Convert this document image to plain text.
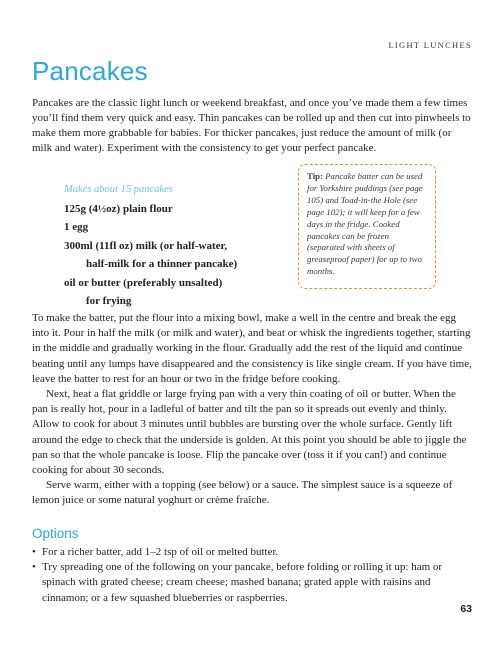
LIGHT LUNCHES
Pancakes

Pancakes are the classic light lunch or weekend breakfast, and once you’ve made them a few times you’ll find them very quick and easy. Thin pancakes can be rolled up and then cut into pinwheels to make them more grabbable for babies. For thicker pancakes, just reduce the amount of milk (or milk and water). Experiment with the consistency to get your perfect pancake.

Makes about 15 pancakes
125g (4½oz) plain flour
1 egg
300ml (11fl oz) milk (or half-water,
half-milk for a thinner pancake)
oil or butter (preferably unsalted)
for frying
Tip: Pancake batter can be used for Yorkshire puddings (see page 105) and Toad-in-the Hole (see page 102); it will keep for a few days in the fridge. Cooked pancakes can be frozen (separated with sheets of greaseproof paper) for up to two months.

To make the batter, put the flour into a mixing bowl, make a well in the centre and break the egg into it. Pour in half the milk (or milk and water), and beat or whisk the ingredients together, starting in the middle and gradually working in the flour. Gradually add the rest of the liquid and continue beating until any lumps have disappeared and the consistency is like single cream. If you have time, leave the batter to rest for an hour or two in the fridge before cooking.

Next, heat a flat griddle or large frying pan with a very thin coating of oil or butter. When the pan is really hot, pour in a ladleful of batter and tilt the pan so it spreads out evenly and thinly. Allow to cook for about 3 minutes until bubbles are bursting over the whole surface. Gently lift around the edge to check that the underside is golden. At this point you should be able to jiggle the pan so that the whole pancake is loose. Flip the pancake over (toss it if you can!) and continue cooking for about 30 seconds.

Serve warm, either with a topping (see below) or a sauce. The simplest sauce is a squeeze of lemon juice or some natural yoghurt or crème fraîche.

Options
• For a richer batter, add 1–2 tsp of oil or melted butter.
• Try spreading one of the following on your pancake, before folding or rolling it up: ham or spinach with grated cheese; cream cheese; mashed banana; grated apple with raisins and cinnamon; or a few squashed blueberries or raspberries.
63
